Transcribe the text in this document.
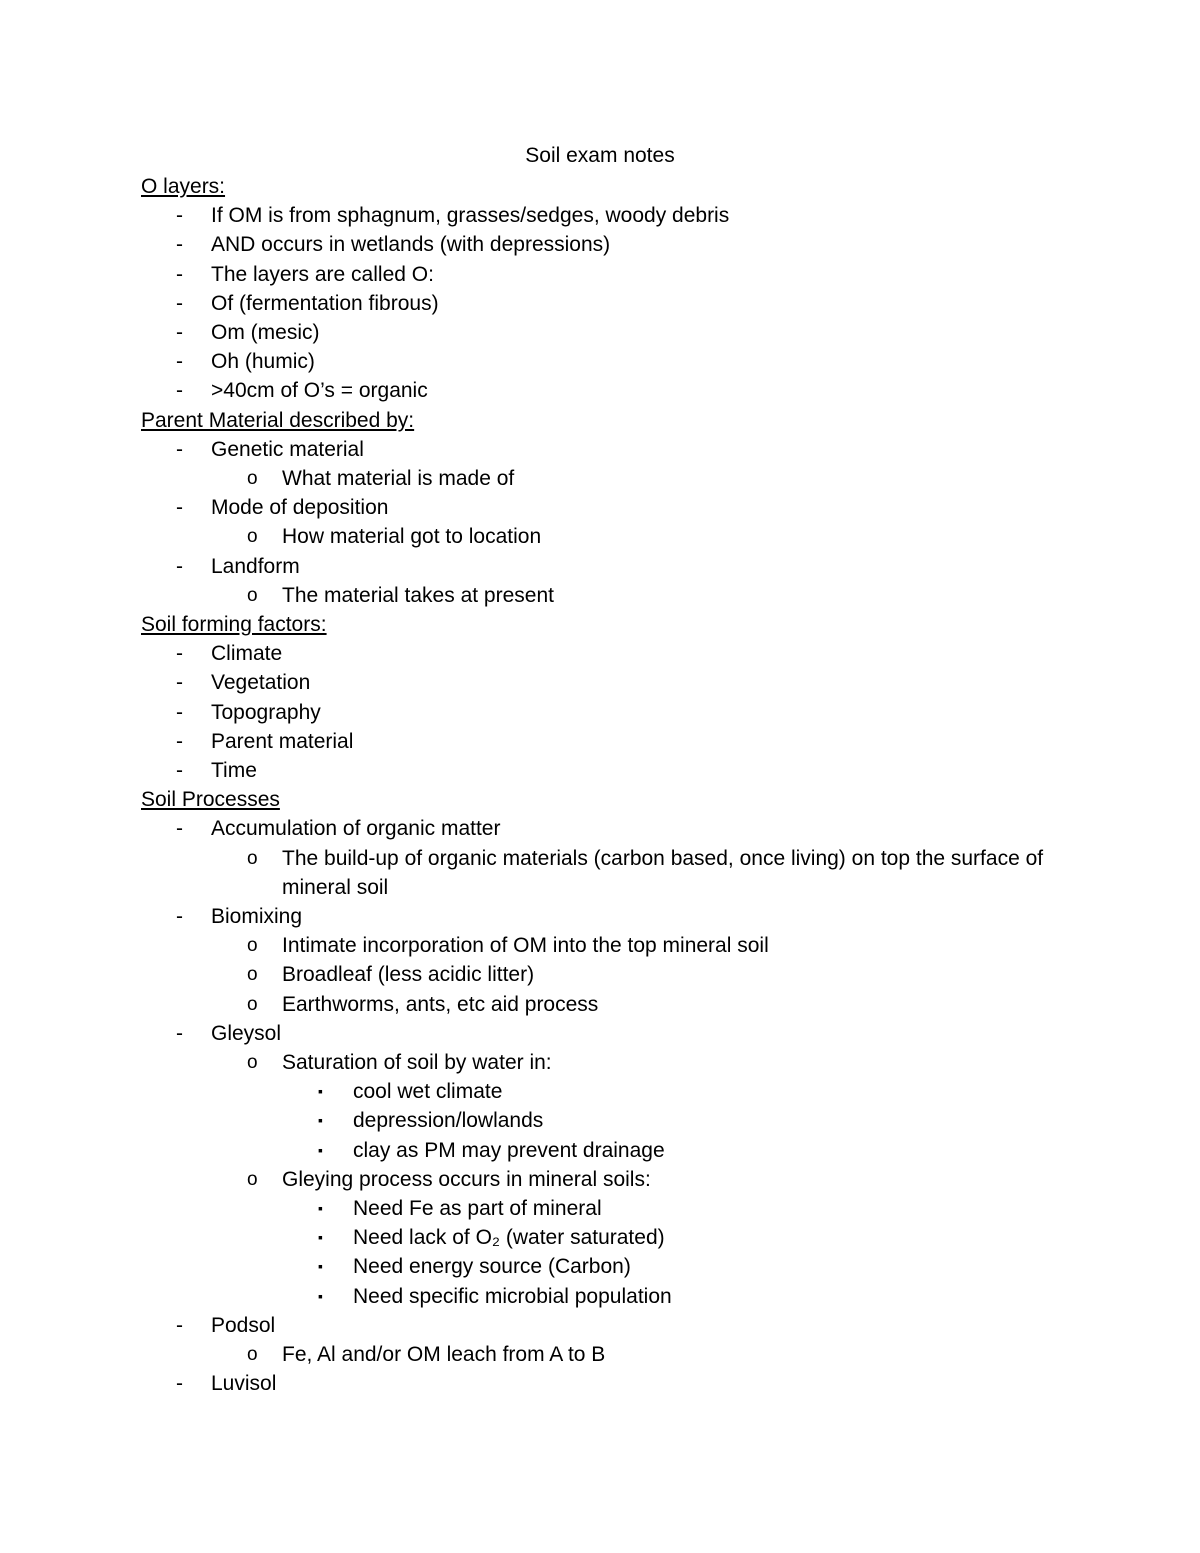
Soil exam notes
O layers:
-	If OM is from sphagnum, grasses/sedges, woody debris
-	AND occurs in wetlands (with depressions)
-	The layers are called O:
-	Of (fermentation fibrous)
-	Om (mesic)
-	Oh (humic)
-	>40cm of O’s = organic
Parent Material described by:
-	Genetic material
o	What material is made of
-	Mode of deposition
o	How material got to location
-	Landform
o	The material takes at present
Soil forming factors:
-	Climate
-	Vegetation
-	Topography
-	Parent material
-	Time
Soil Processes
-	Accumulation of organic matter
o	The build-up of organic materials (carbon based, once living) on top the surface of mineral soil
-	Biomixing
o	Intimate incorporation of OM into the top mineral soil
o	Broadleaf (less acidic litter)
o	Earthworms, ants, etc aid process
-	Gleysol
o	Saturation of soil by water in:
▪	cool wet climate
▪	depression/lowlands
▪	clay as PM may prevent drainage
o	Gleying process occurs in mineral soils:
▪	Need Fe as part of mineral
▪	Need lack of O₂ (water saturated)
▪	Need energy source (Carbon)
▪	Need specific microbial population
-	Podsol
o	Fe, Al and/or OM leach from A to B
-	Luvisol
